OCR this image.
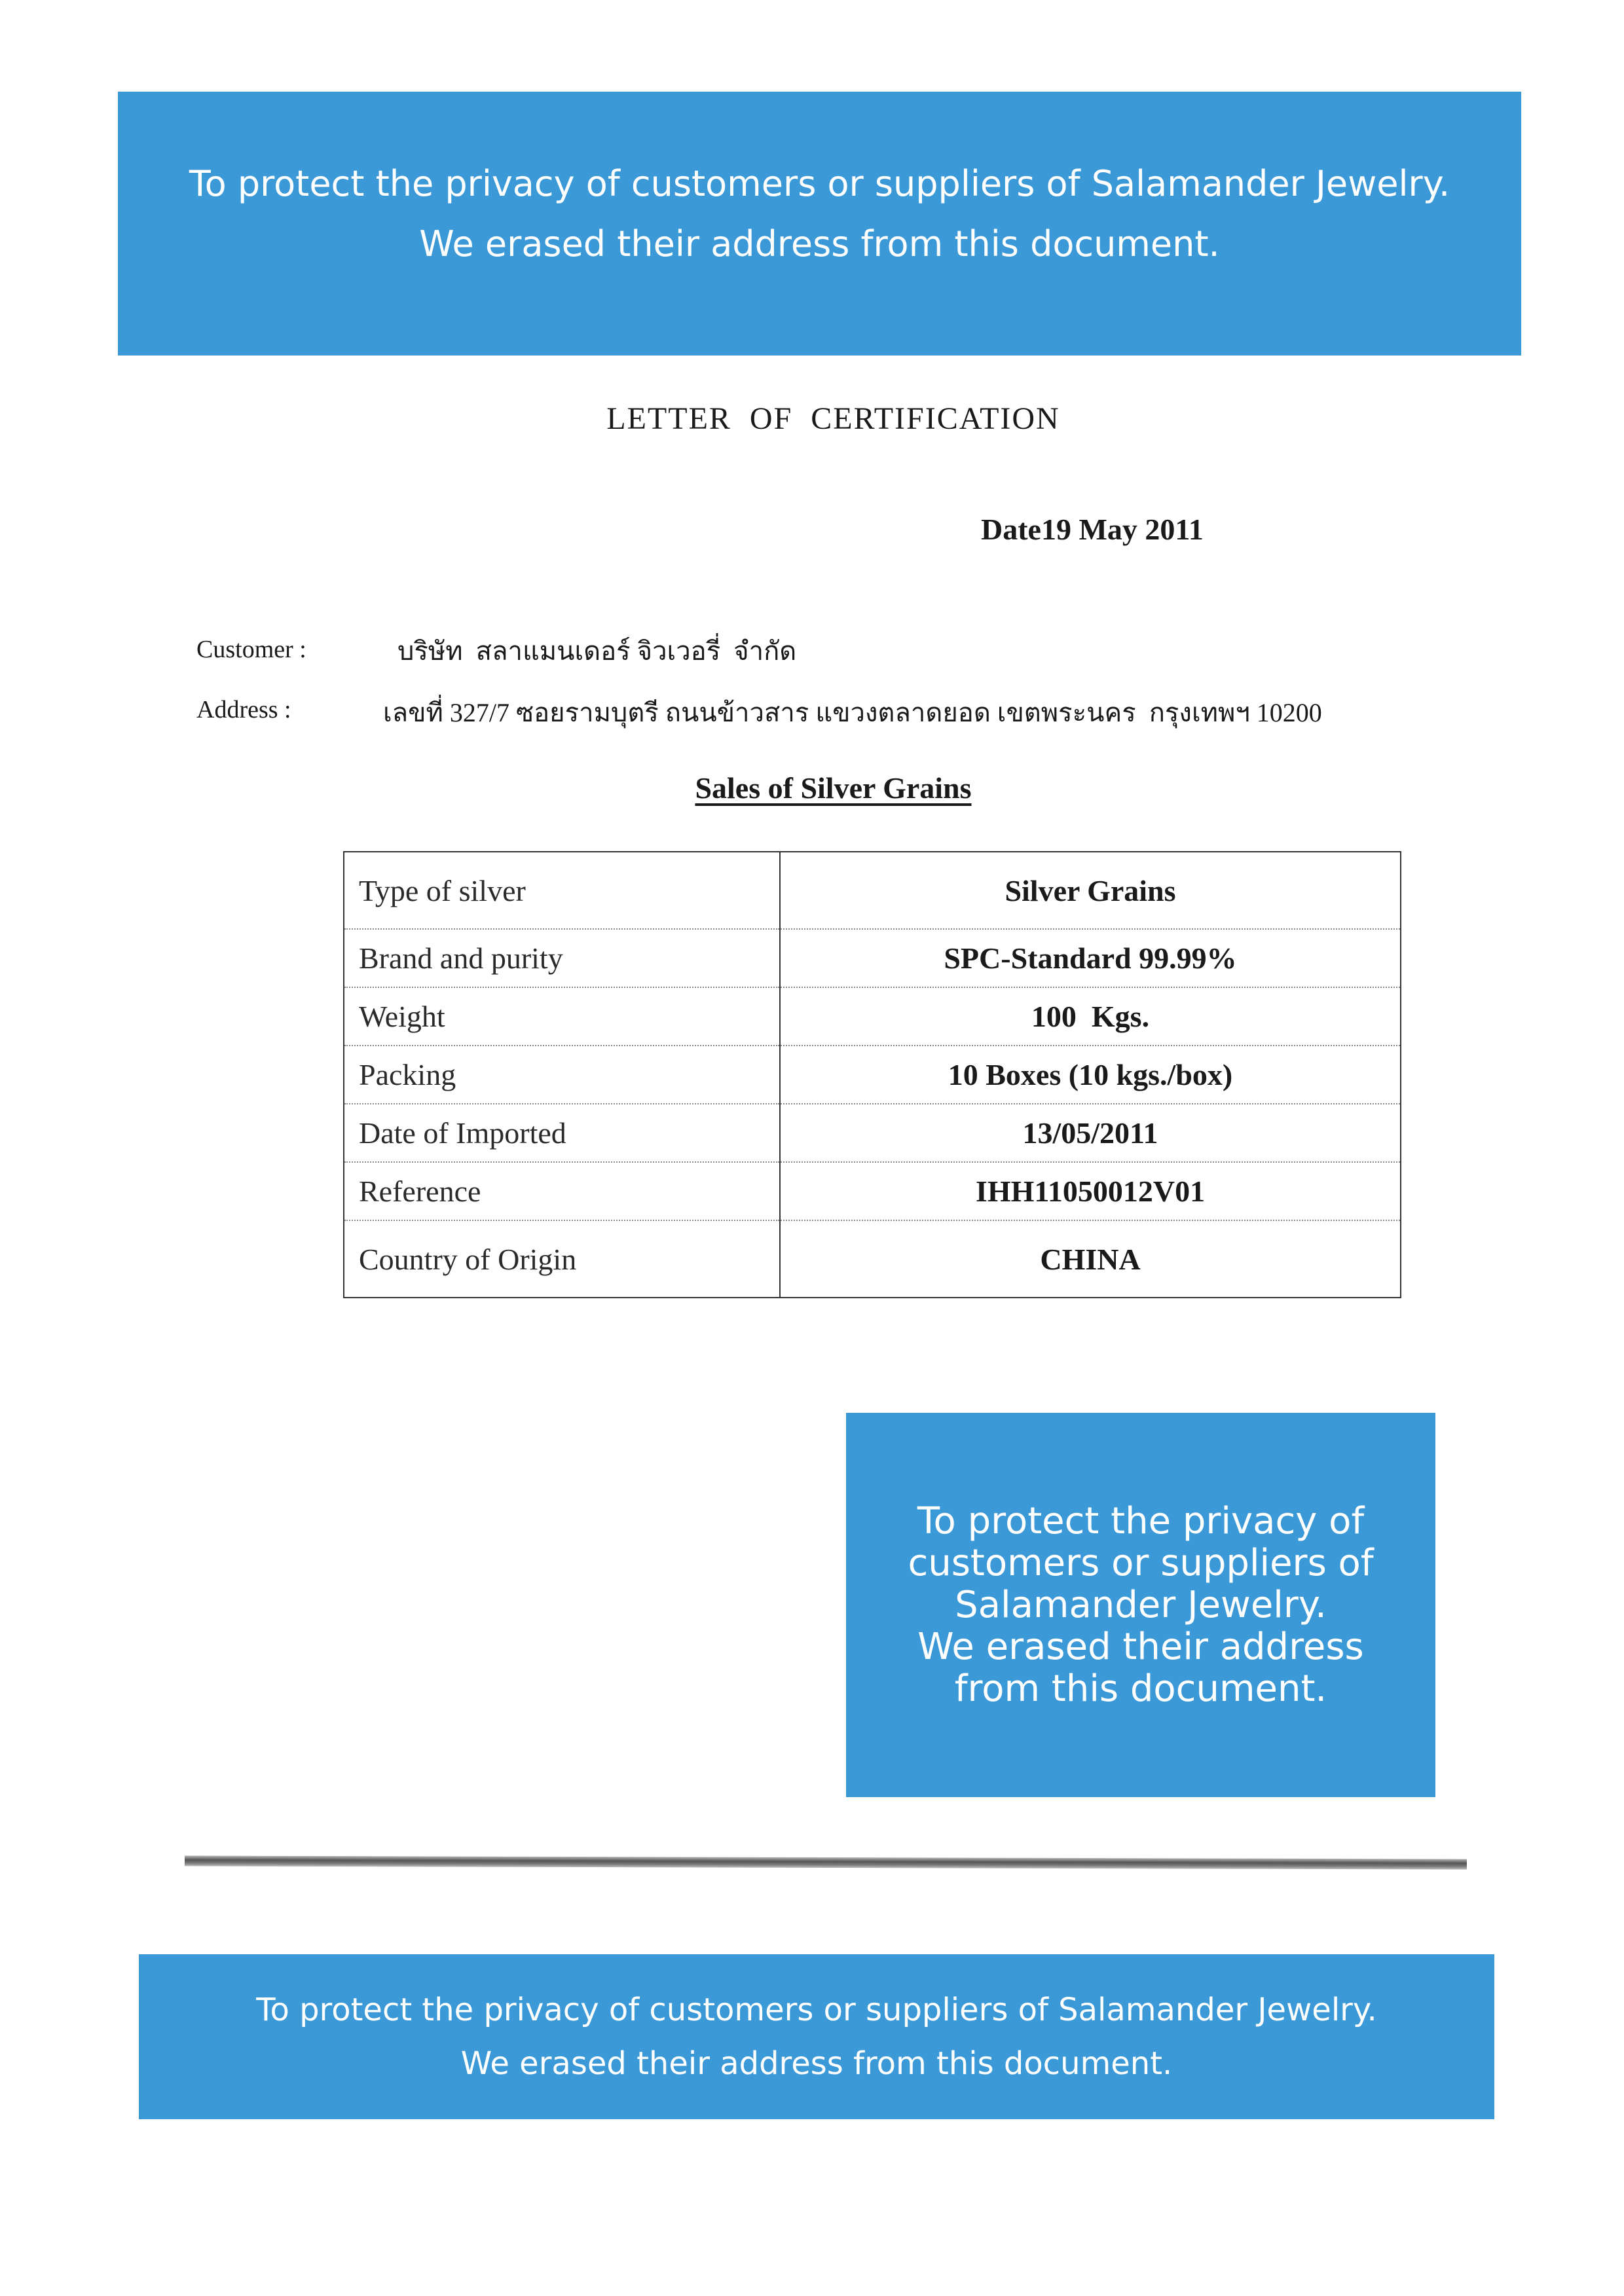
To protect the privacy of customers or suppliers of Salamander Jewelry.
We erased their address from this document.
LETTER  OF  CERTIFICATION
Date19 May 2011
Customer :	บริษัท  สลาแมนเดอร์ จิวเวอรี่  จำกัด
Address :	เลขที่ 327/7 ซอยรามบุตรี ถนนข้าวสาร แขวงตลาดยอด เขตพระนคร  กรุงเทพฯ 10200
Sales of Silver Grains
Type of silver	Silver Grains
Brand and purity	SPC-Standard 99.99%
Weight	100  Kgs.
Packing	10 Boxes (10 kgs./box)
Date of Imported	13/05/2011
Reference	IHH11050012V01
Country of Origin	CHINA
To protect the privacy of
customers or suppliers of
Salamander Jewelry.
We erased their address
from this document.
To protect the privacy of customers or suppliers of Salamander Jewelry.
We erased their address from this document.
